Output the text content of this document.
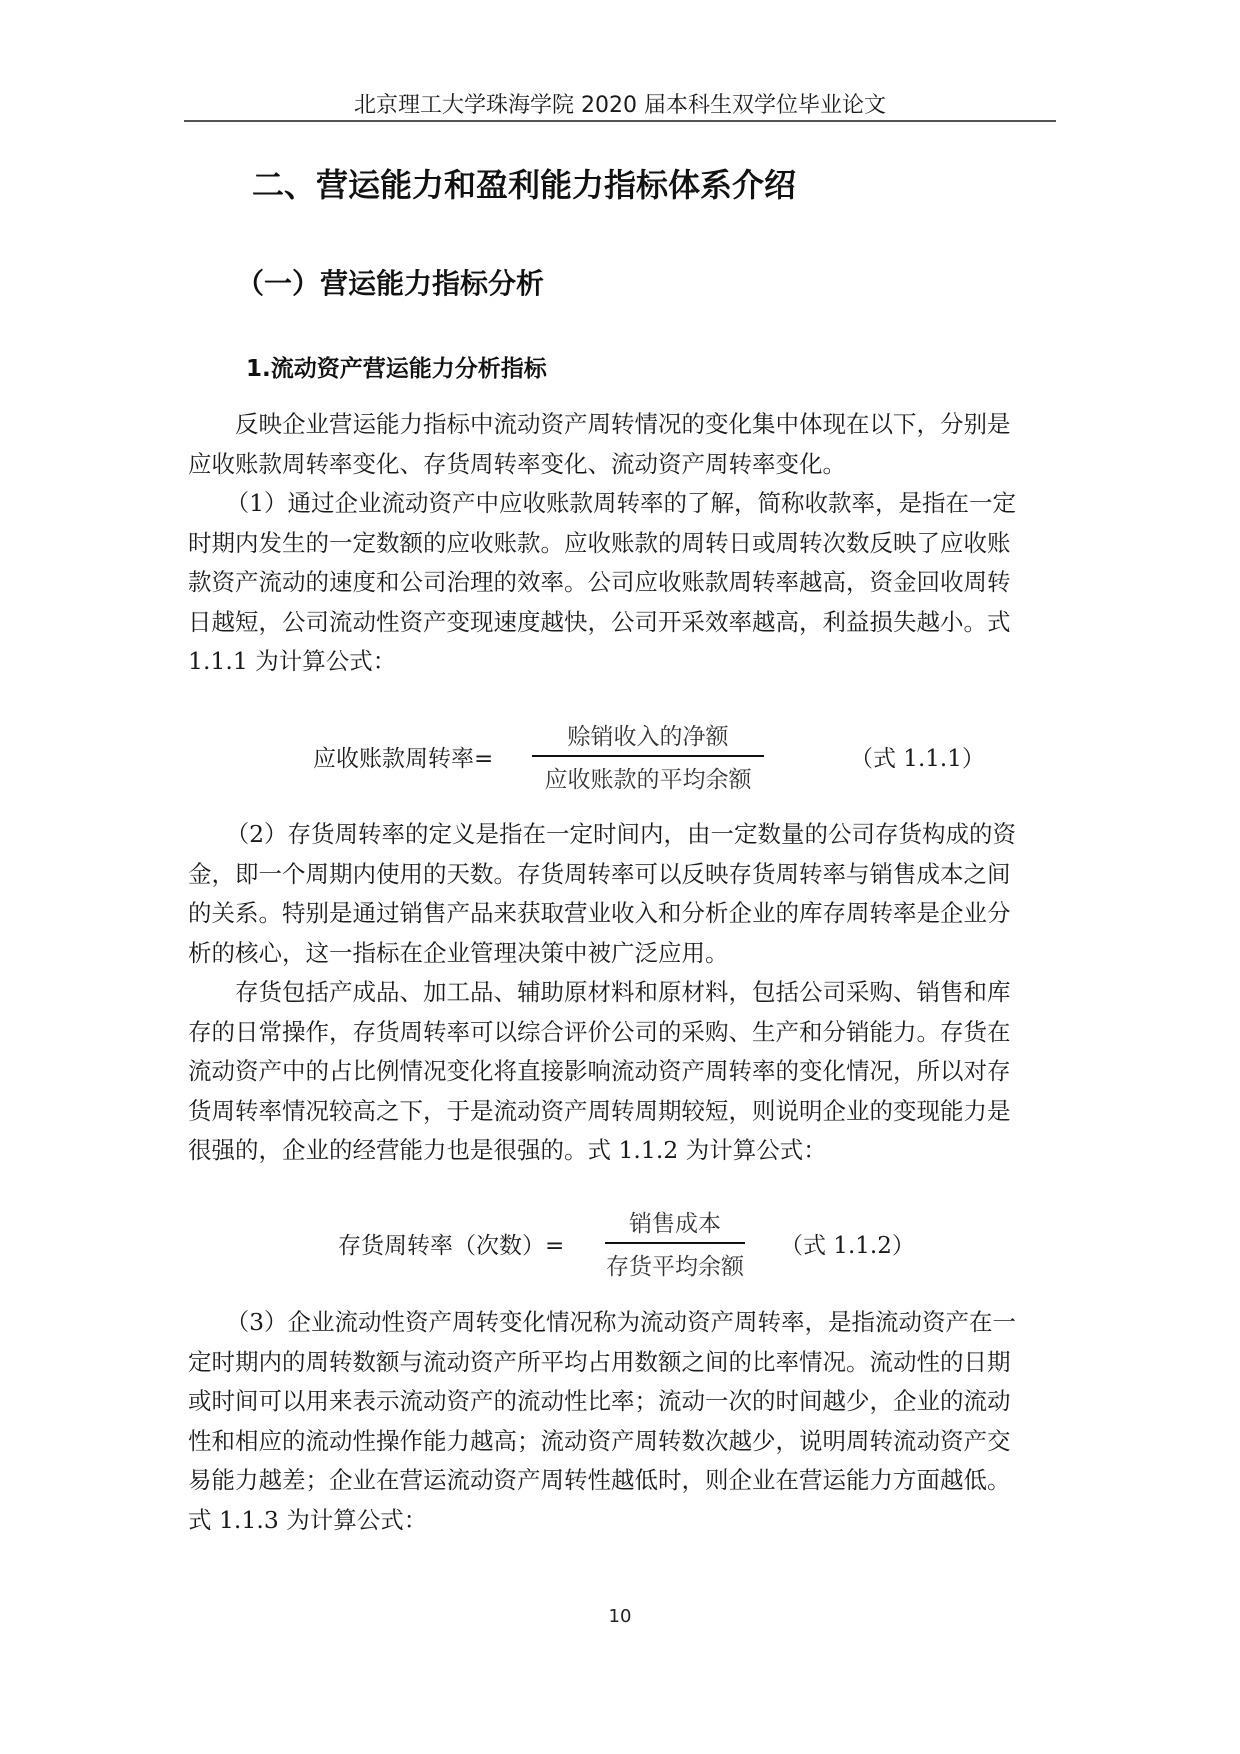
北京理工大学珠海学院 2020 届本科生双学位毕业论文
二、营运能力和盈利能力指标体系介绍
（一）营运能力指标分析
1.流动资产营运能力分析指标
反映企业营运能力指标中流动资产周转情况的变化集中体现在以下，分别是
应收账款周转率变化、存货周转率变化、流动资产周转率变化。
（1）通过企业流动资产中应收账款周转率的了解，简称收款率，是指在一定
时期内发生的一定数额的应收账款。应收账款的周转日或周转次数反映了应收账
款资产流动的速度和公司治理的效率。公司应收账款周转率越高，资金回收周转
日越短，公司流动性资产变现速度越快，公司开采效率越高，利益损失越小。式
1.1.1 为计算公式：
应收账款周转率=
赊销收入的净额
应收账款的平均余额
（式 1.1.1）
（2）存货周转率的定义是指在一定时间内，由一定数量的公司存货构成的资
金，即一个周期内使用的天数。存货周转率可以反映存货周转率与销售成本之间
的关系。特别是通过销售产品来获取营业收入和分析企业的库存周转率是企业分
析的核心，这一指标在企业管理决策中被广泛应用。
存货包括产成品、加工品、辅助原材料和原材料，包括公司采购、销售和库
存的日常操作，存货周转率可以综合评价公司的采购、生产和分销能力。存货在
流动资产中的占比例情况变化将直接影响流动资产周转率的变化情况，所以对存
货周转率情况较高之下，于是流动资产周转周期较短，则说明企业的变现能力是
很强的，企业的经营能力也是很强的。式 1.1.2 为计算公式：
存货周转率（次数）=
销售成本
存货平均余额
（式 1.1.2）
（3）企业流动性资产周转变化情况称为流动资产周转率，是指流动资产在一
定时期内的周转数额与流动资产所平均占用数额之间的比率情况。流动性的日期
或时间可以用来表示流动资产的流动性比率；流动一次的时间越少，企业的流动
性和相应的流动性操作能力越高；流动资产周转数次越少，说明周转流动资产交
易能力越差；企业在营运流动资产周转性越低时，则企业在营运能力方面越低。
式 1.1.3 为计算公式：
10
